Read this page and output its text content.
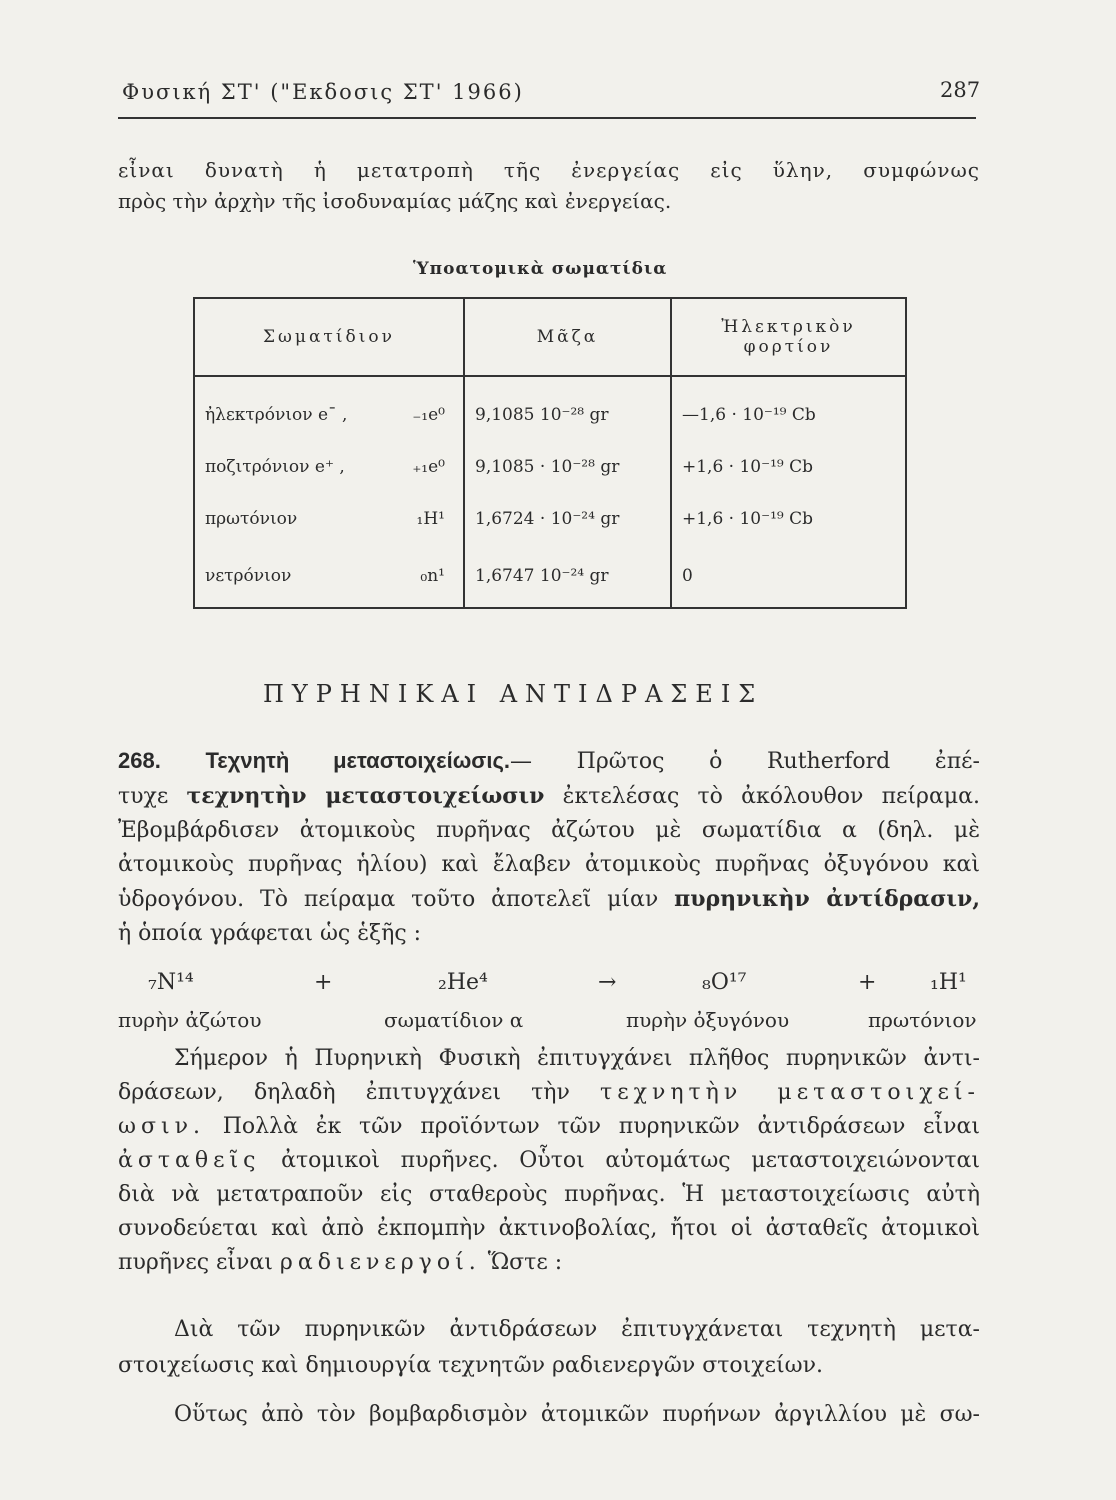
Φυσική ΣΤ' ("Εκδοσις ΣΤ' 1966)	287
εἶναι δυνατὴ ἡ μετατροπὴ τῆς ἐνεργείας εἰς ὕλην, συμφώνως
πρὸς τὴν ἀρχὴν τῆς ἰσοδυναμίας μάζης καὶ ἐνεργείας.
Ὑποατομικὰ σωματίδια
Σωματίδιον	Μᾶζα	Ἠλεκτρικὸν φορτίον
ἠλεκτρόνιον e¯ , ₋₁e⁰	9,1085 10⁻²⁸ gr	—1,6 · 10⁻¹⁹ Cb
ποζιτρόνιον e⁺ , ₊₁e⁰	9,1085 · 10⁻²⁸ gr	+1,6 · 10⁻¹⁹ Cb
πρωτόνιον ₁H¹	1,6724 · 10⁻²⁴ gr	+1,6 · 10⁻¹⁹ Cb
νετρόνιον ₀n¹	1,6747 10⁻²⁴ gr	0
ΠΥΡΗΝΙΚΑΙ ΑΝΤΙΔΡΑΣΕΙΣ
268. Τεχνητὴ μεταστοιχείωσις.— Πρῶτος ὁ Rutherford ἐπέ-
τυχε τεχνητὴν μεταστοιχείωσιν ἐκτελέσας τὸ ἀκόλουθον πείραμα.
Ἐβομβάρδισεν ἀτομικοὺς πυρῆνας ἀζώτου μὲ σωματίδια α (δηλ. μὲ
ἀτομικοὺς πυρῆνας ἡλίου) καὶ ἔλαβεν ἀτομικοὺς πυρῆνας ὀξυγόνου καὶ
ὑδρογόνου. Τὸ πείραμα τοῦτο ἀποτελεῖ μίαν πυρηνικὴν ἀντίδρασιν,
ἡ ὁποία γράφεται ὡς ἑξῆς :
₇N¹⁴	+	₂He⁴	→	₈O¹⁷	+ ₁H¹
πυρὴν ἀζώτου	σωματίδιον α	πυρὴν ὀξυγόνου	πρωτόνιον
Σήμερον ἡ Πυρηνικὴ Φυσικὴ ἐπιτυγχάνει πλῆθος πυρηνικῶν ἀντι-
δράσεων, δηλαδὴ ἐπιτυγχάνει τὴν τεχνητὴν μεταστοιχεί-
ωσιν. Πολλὰ ἐκ τῶν προϊόντων τῶν πυρηνικῶν ἀντιδράσεων εἶναι
ἀσταθεῖς ἀτομικοὶ πυρῆνες. Οὗτοι αὐτομάτως μεταστοιχειώνονται
διὰ νὰ μετατραποῦν εἰς σταθεροὺς πυρῆνας. Ἡ μεταστοιχείωσις αὐτὴ
συνοδεύεται καὶ ἀπὸ ἐκπομπὴν ἀκτινοβολίας, ἤτοι οἱ ἀσταθεῖς ἀτομικοὶ
πυρῆνες εἶναι ραδιενεργοί. Ὥστε :
Διὰ τῶν πυρηνικῶν ἀντιδράσεων ἐπιτυγχάνεται τεχνητὴ μετα-
στοιχείωσις καὶ δημιουργία τεχνητῶν ραδιενεργῶν στοιχείων.
Οὕτως ἀπὸ τὸν βομβαρδισμὸν ἀτομικῶν πυρήνων ἀργιλλίου μὲ σω-
